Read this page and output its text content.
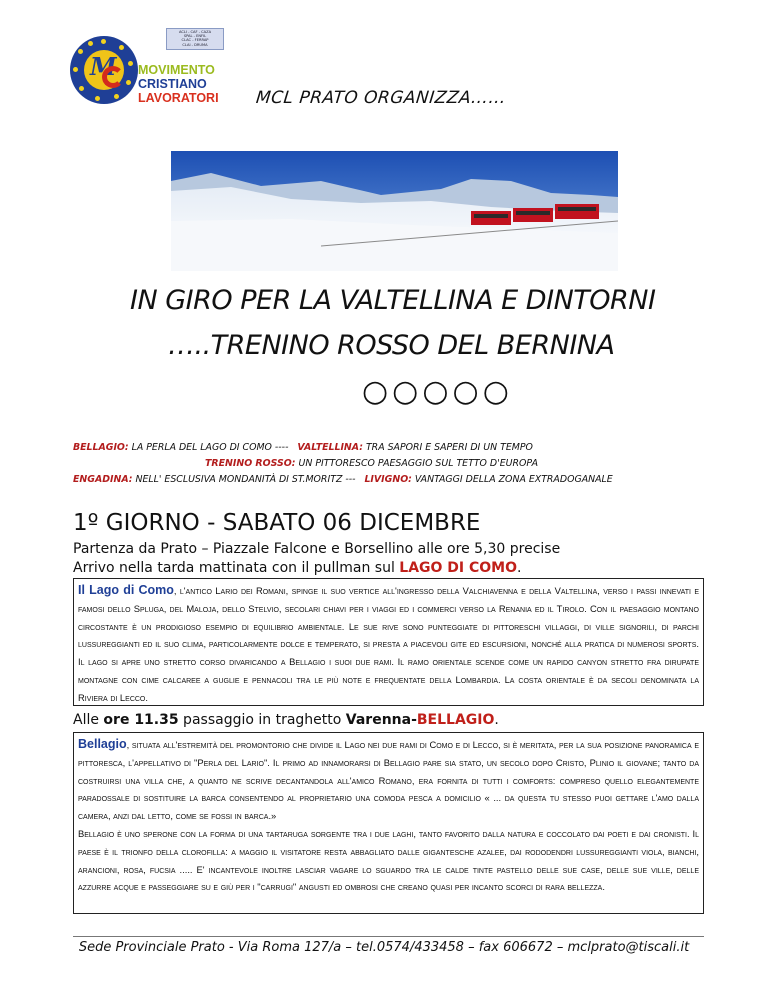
ACLI - CAF - CAZA
SPAL - ENFIL
CLAC - FERRAP
CLAI - DRUMA
M MOVIMENTO
CRISTIANO
LAVORATORI MCL PRATO ORGANIZZA……
IN GIRO PER LA VALTELLINA E DINTORNI
…..TRENINO ROSSO DEL BERNINA
○○○○○
BELLAGIO: LA PERLA DEL LAGO DI COMO ---- VALTELLINA: TRA SAPORI E SAPERI DI UN TEMPO
TRENINO ROSSO: UN PITTORESCO PAESAGGIO SUL TETTO D'EUROPA
ENGADINA: NELL' ESCLUSIVA MONDANITÀ DI ST.MORITZ --- LIVIGNO: VANTAGGI DELLA ZONA EXTRADOGANALE
1º GIORNO - SABATO 06 DICEMBRE
Partenza da Prato – Piazzale Falcone e Borsellino alle ore 5,30 precise
Arrivo nella tarda mattinata con il pullman sul LAGO DI COMO.

Il Lago di Como, l'antico Lario dei Romani, spinge il suo vertice all'ingresso della Valchiavenna e della Valtellina, verso i passi innevati e famosi dello Spluga, del Maloja, dello Stelvio, secolari chiavi per i viaggi ed i commerci verso la Renania ed il Tirolo. Con il paesaggio montano circostante è un prodigioso esempio di equilibrio ambientale. Le sue rive sono punteggiate di pittoreschi villaggi, di ville signorili, di parchi lussureggianti ed il suo clima, particolarmente dolce e temperato, si presta a piacevoli gite ed escursioni, nonché alla pratica di numerosi sports. Il lago si apre uno stretto corso divaricando a Bellagio i suoi due rami. Il ramo orientale scende come un rapido canyon stretto fra dirupate montagne con cime calcaree a guglie e pennacoli tra le più note e frequentate della Lombardia. La costa orientale è da secoli denominata la Riviera di Lecco.

Alle ore 11.35 passaggio in traghetto Varenna-BELLAGIO.

Bellagio, situata all'estremità del promontorio che divide il Lago nei due rami di Como e di Lecco, si è meritata, per la sua posizione panoramica e pittoresca, l'appellativo di "Perla del Lario". Il primo ad innamorarsi di Bellagio pare sia stato, un secolo dopo Cristo, Plinio il giovane; tanto da costruirsi una villa che, a quanto ne scrive decantandola all'amico Romano, era fornita di tutti i comforts: compreso quello elegantemente paradossale di sostituire la barca consentendo al proprietario una comoda pesca a domicilio « ... da questa tu stesso puoi gettare l'amo dalla camera, anzi dal letto, come se fossi in barca.»

Bellagio è uno sperone con la forma di una tartaruga sorgente tra i due laghi, tanto favorito dalla natura e coccolato dai poeti e dai cronisti. Il paese è il trionfo della clorofilla: a maggio il visitatore resta abbagliato dalle gigantesche azalee, dai rododendri lussureggianti viola, bianchi, arancioni, rosa, fucsia ..... E' incantevole inoltre lasciar vagare lo sguardo tra le calde tinte pastello delle sue case, delle sue ville, delle azzurre acque e passeggiare su e giù per i "carrugi" angusti ed ombrosi che creano quasi per incanto scorci di rara bellezza.

Sede Provinciale Prato - Via Roma 127/a – tel.0574/433458 – fax 606672 – mclprato@tiscali.it
